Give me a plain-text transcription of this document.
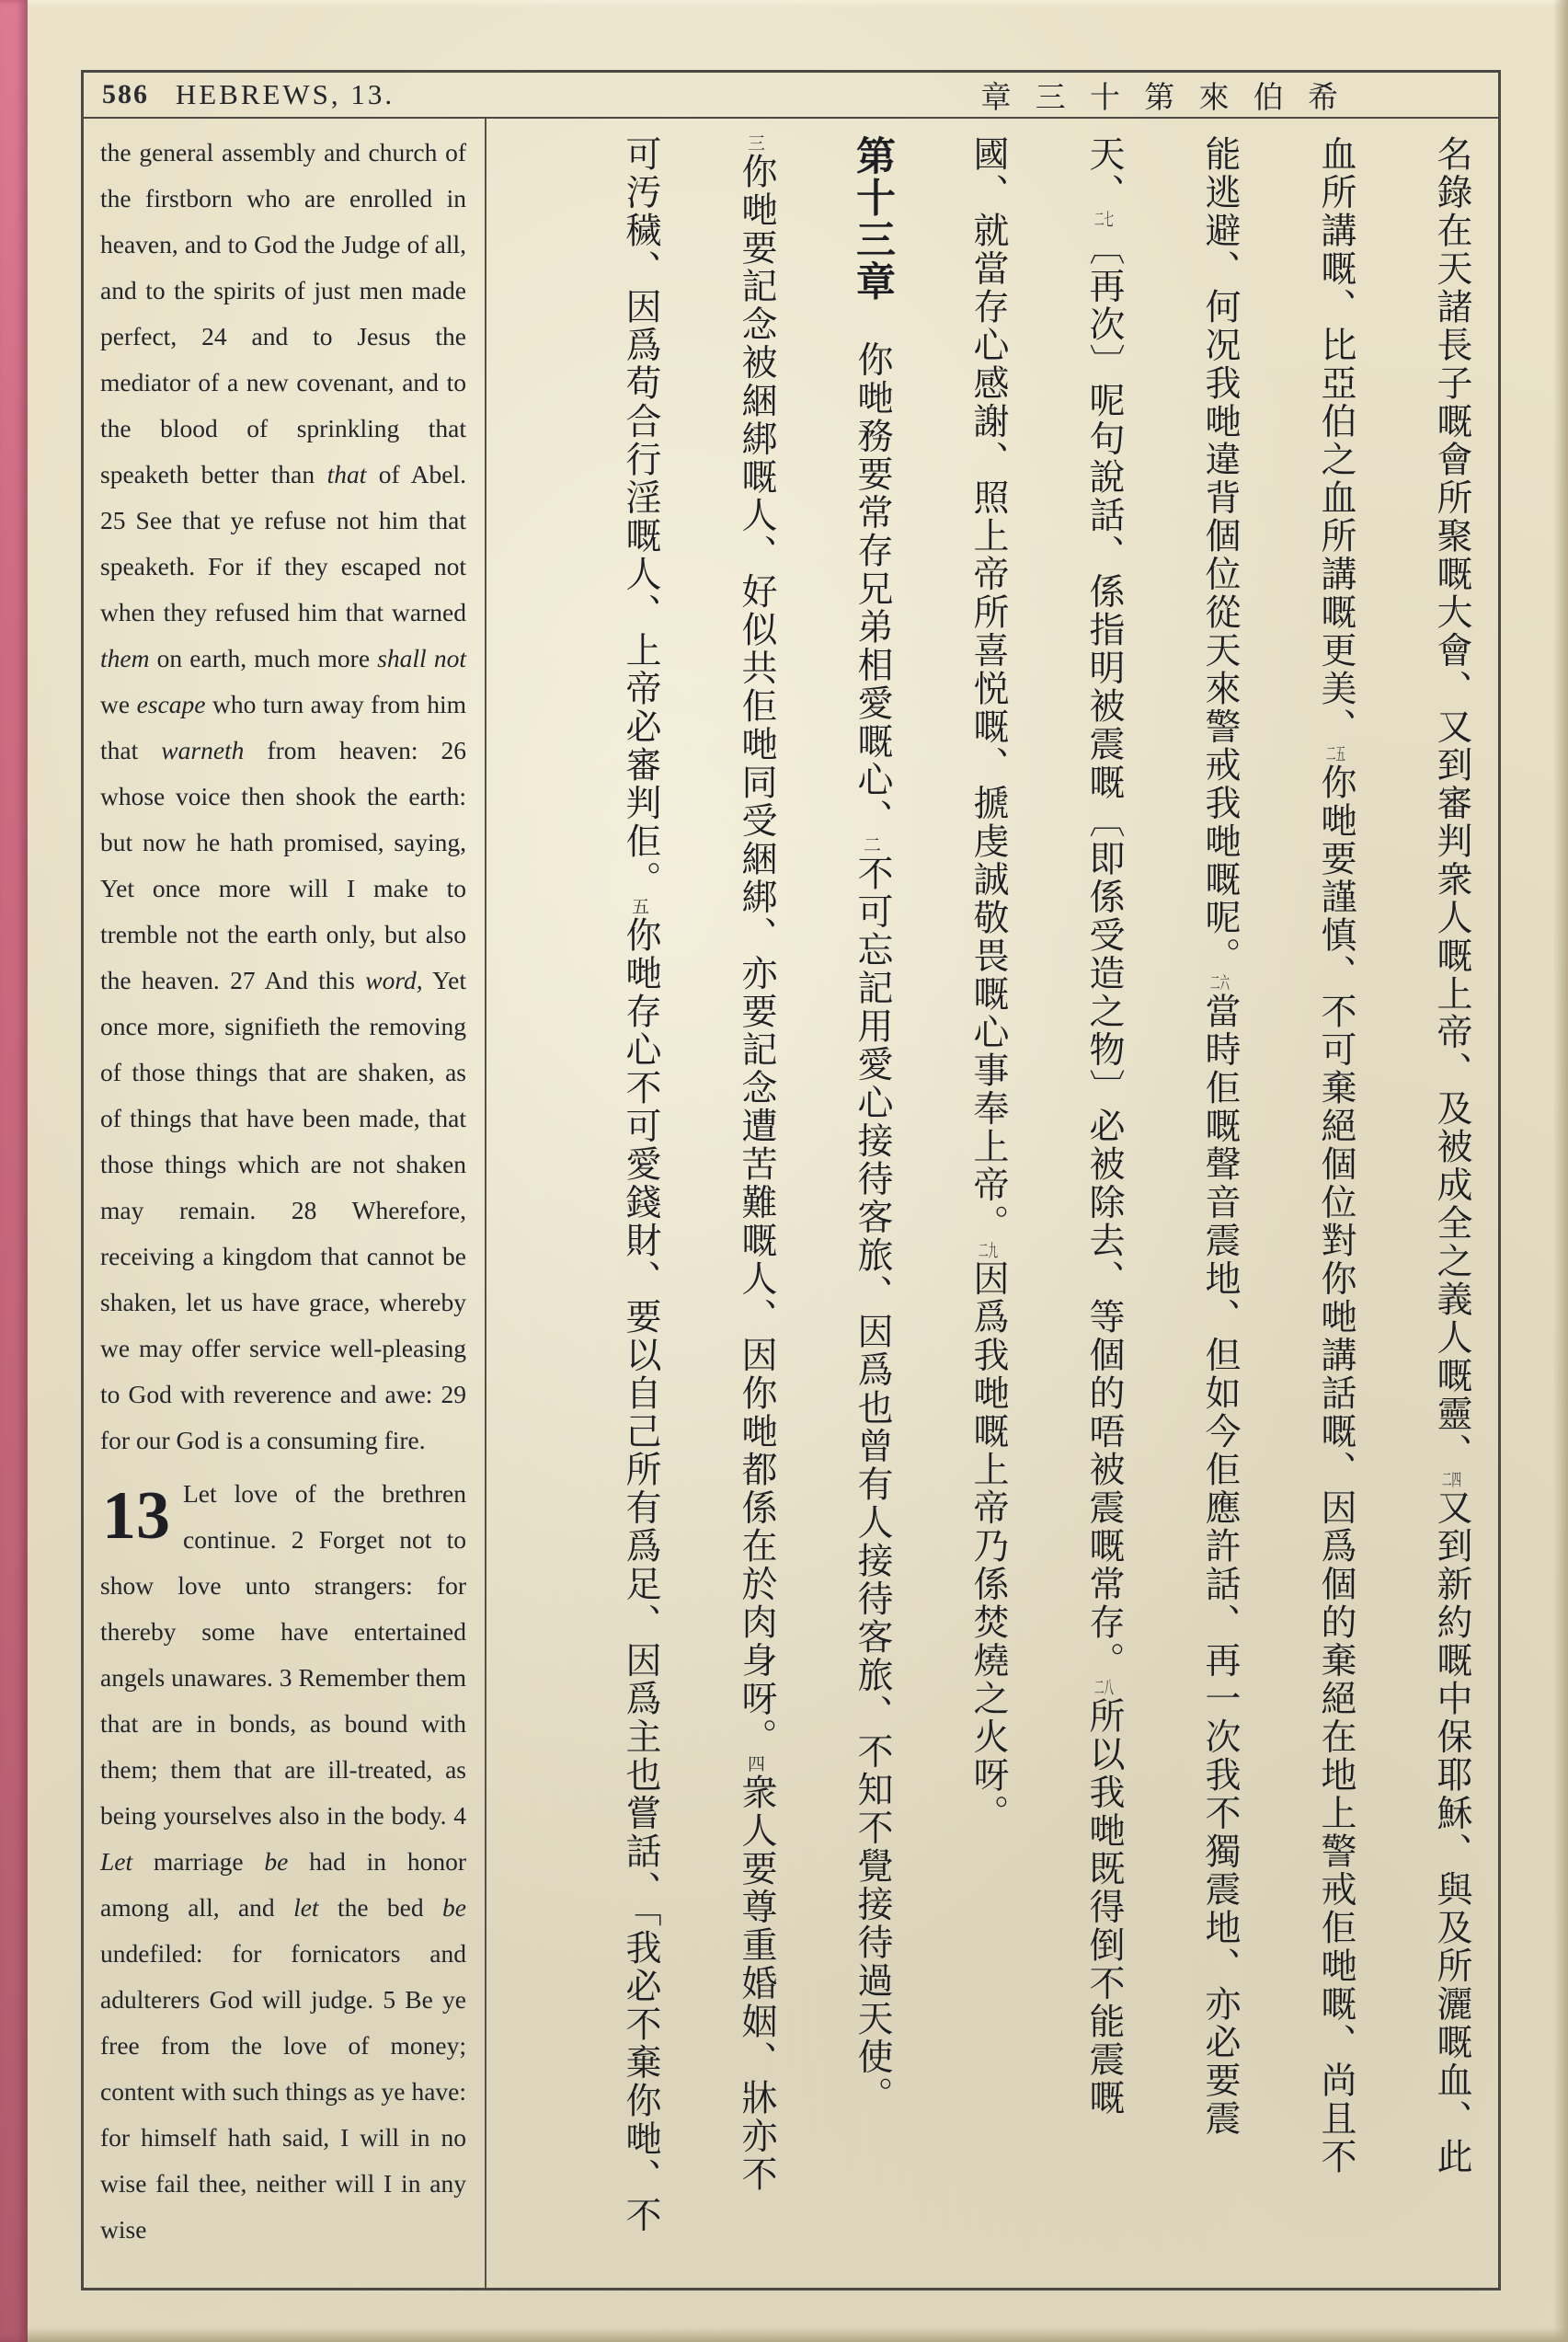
586 HEBREWS, 13.	章 三 十 第 來 伯 希

the general assembly and church of the firstborn who are enrolled in heaven, and to God the Judge of all, and to the spirits of just men made perfect, 24 and to Jesus the mediator of a new covenant, and to the blood of sprinkling that speaketh better than that of Abel. 25 See that ye refuse not him that speaketh. For if they escaped not when they refused him that warned them on earth, much more shall not we escape who turn away from him that warneth from heaven: 26 whose voice then shook the earth: but now he hath promised, saying, Yet once more will I make to tremble not the earth only, but also the heaven. 27 And this word, Yet once more, signifieth the removing of those things that are shaken, as of things that have been made, that those things which are not shaken may remain. 28 Wherefore, receiving a kingdom that cannot be shaken, let us have grace, whereby we may offer service well-pleasing to God with reverence and awe: 29 for our God is a consuming fire.

13 Let love of the brethren continue. 2 Forget not to show love unto strangers: for thereby some have entertained angels unawares. 3 Remember them that are in bonds, as bound with them; them that are ill-treated, as being yourselves also in the body. 4 Let marriage be had in honor among all, and let the bed be undefiled: for fornicators and adulterers God will judge. 5 Be ye free from the love of money; content with such things as ye have: for himself hath said, I will in no wise fail thee, neither will I in any wise

名錄在天諸長子嘅會所聚嘅大會、又到審判衆人嘅上帝、及被成全之義人嘅靈、二四又到新約嘅中保耶穌、與及所灑嘅血、此
血所講嘅、比亞伯之血所講嘅更美、二五你哋要謹慎、不可棄絕個位對你哋講話嘅、因爲個的棄絕在地上警戒佢哋嘅、尚且不
能逃避、何况我哋違背個位從天來警戒我哋嘅呢。二六當時佢嘅聲音震地、但如今佢應許話、再一次我不獨震地、亦必要震
天、二七〔再次〕呢句說話、係指明被震嘅〔即係受造之物〕必被除去、等個的唔被震嘅常存。二八所以我哋既得倒不能震嘅
國、就當存心感謝、照上帝所喜悦嘅、搋虔誠敬畏嘅心事奉上帝。二九因爲我哋嘅上帝乃係焚燒之火呀。
第十三章　你哋務要常存兄弟相愛嘅心、二不可忘記用愛心接待客旅、因爲也曾有人接待客旅、不知不覺接待過天使。
三你哋要記念被綑綁嘅人、好似共佢哋同受綑綁、亦要記念遭苦難嘅人、因你哋都係在於肉身呀。四衆人要尊重婚姻、牀亦不
可汚穢、因爲苟合行淫嘅人、上帝必審判佢。五你哋存心不可愛錢財、要以自己所有爲足、因爲主也嘗話、「我必不棄你哋、不
